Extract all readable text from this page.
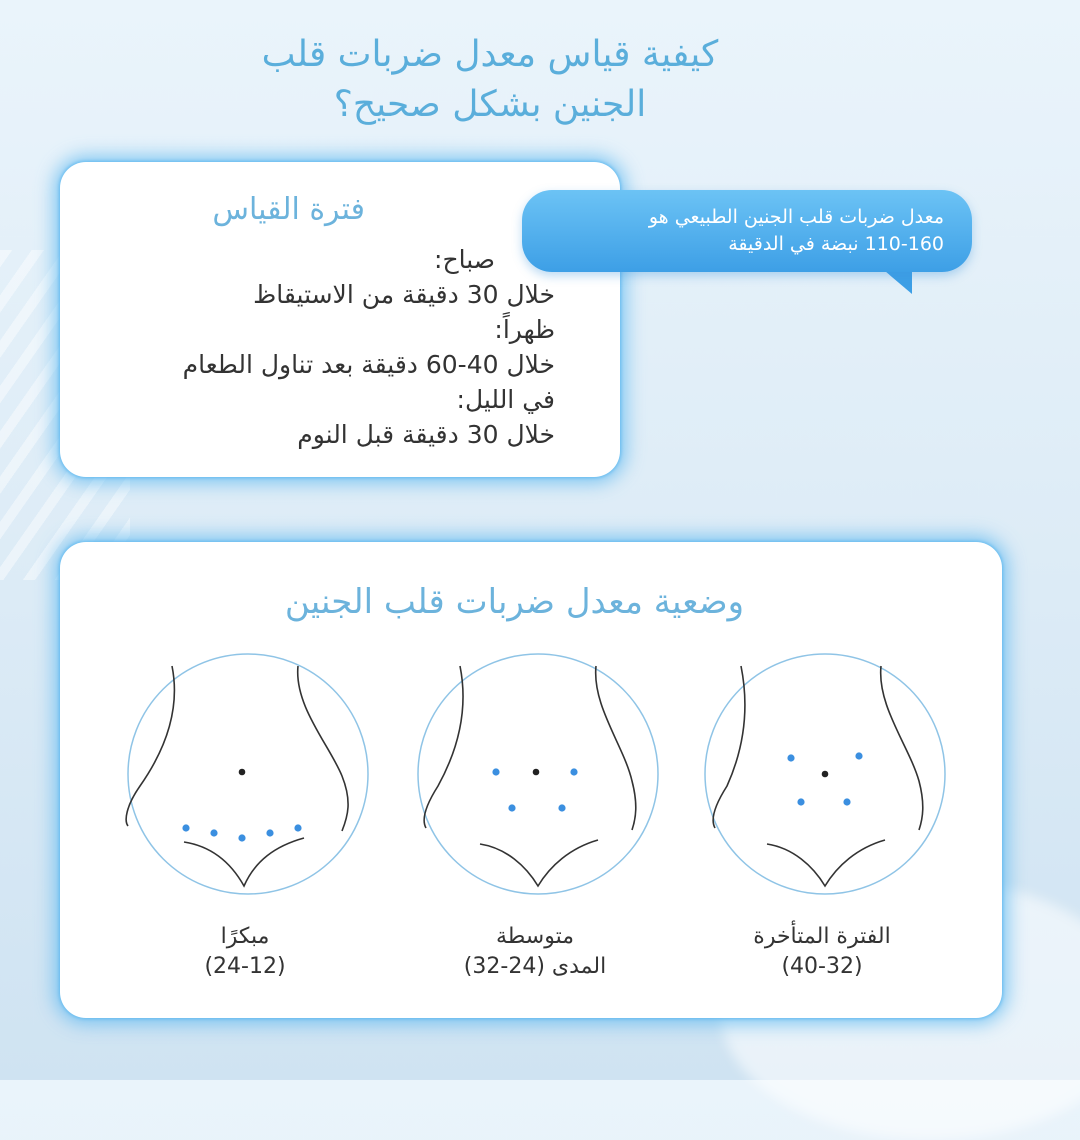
كيفية قياس معدل ضربات قلب
الجنين بشكل صحيح؟
فترة القياس
صباح:
خلال 30 دقيقة من الاستيقاظ
ظهراً:
خلال 40-60 دقيقة بعد تناول الطعام
في الليل:
خلال 30 دقيقة قبل النوم

معدل ضربات قلب الجنين الطبيعي هو
110-160 نبضة في الدقيقة

وضعية معدل ضربات قلب الجنين
مبكرًا
(24-12)
متوسطة
المدى (24-32)
الفترة المتأخرة
(40-32)
